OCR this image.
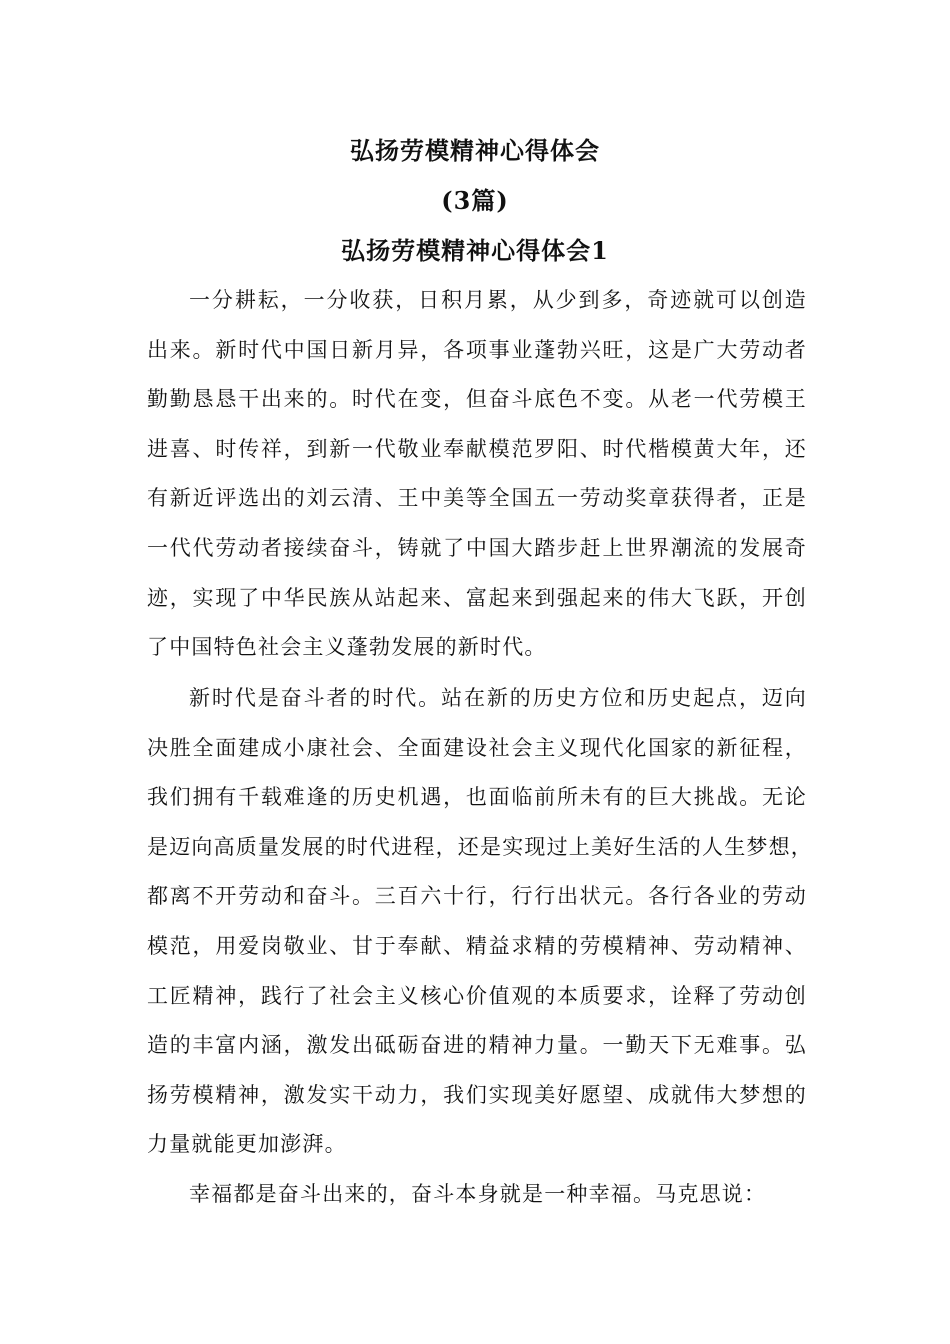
弘扬劳模精神心得体会
(3篇)
弘扬劳模精神心得体会1
一分耕耘，一分收获，日积月累，从少到多，奇迹就可以创造
出来。新时代中国日新月异，各项事业蓬勃兴旺，这是广大劳动者
勤勤恳恳干出来的。时代在变，但奋斗底色不变。从老一代劳模王
进喜、时传祥，到新一代敬业奉献模范罗阳、时代楷模黄大年，还
有新近评选出的刘云清、王中美等全国五一劳动奖章获得者，正是
一代代劳动者接续奋斗，铸就了中国大踏步赶上世界潮流的发展奇
迹，实现了中华民族从站起来、富起来到强起来的伟大飞跃，开创
了中国特色社会主义蓬勃发展的新时代。
新时代是奋斗者的时代。站在新的历史方位和历史起点，迈向
决胜全面建成小康社会、全面建设社会主义现代化国家的新征程，
我们拥有千载难逢的历史机遇，也面临前所未有的巨大挑战。无论
是迈向高质量发展的时代进程，还是实现过上美好生活的人生梦想，
都离不开劳动和奋斗。三百六十行，行行出状元。各行各业的劳动
模范，用爱岗敬业、甘于奉献、精益求精的劳模精神、劳动精神、
工匠精神，践行了社会主义核心价值观的本质要求，诠释了劳动创
造的丰富内涵，激发出砥砺奋进的精神力量。一勤天下无难事。弘
扬劳模精神，激发实干动力，我们实现美好愿望、成就伟大梦想的
力量就能更加澎湃。
幸福都是奋斗出来的，奋斗本身就是一种幸福。马克思说：
